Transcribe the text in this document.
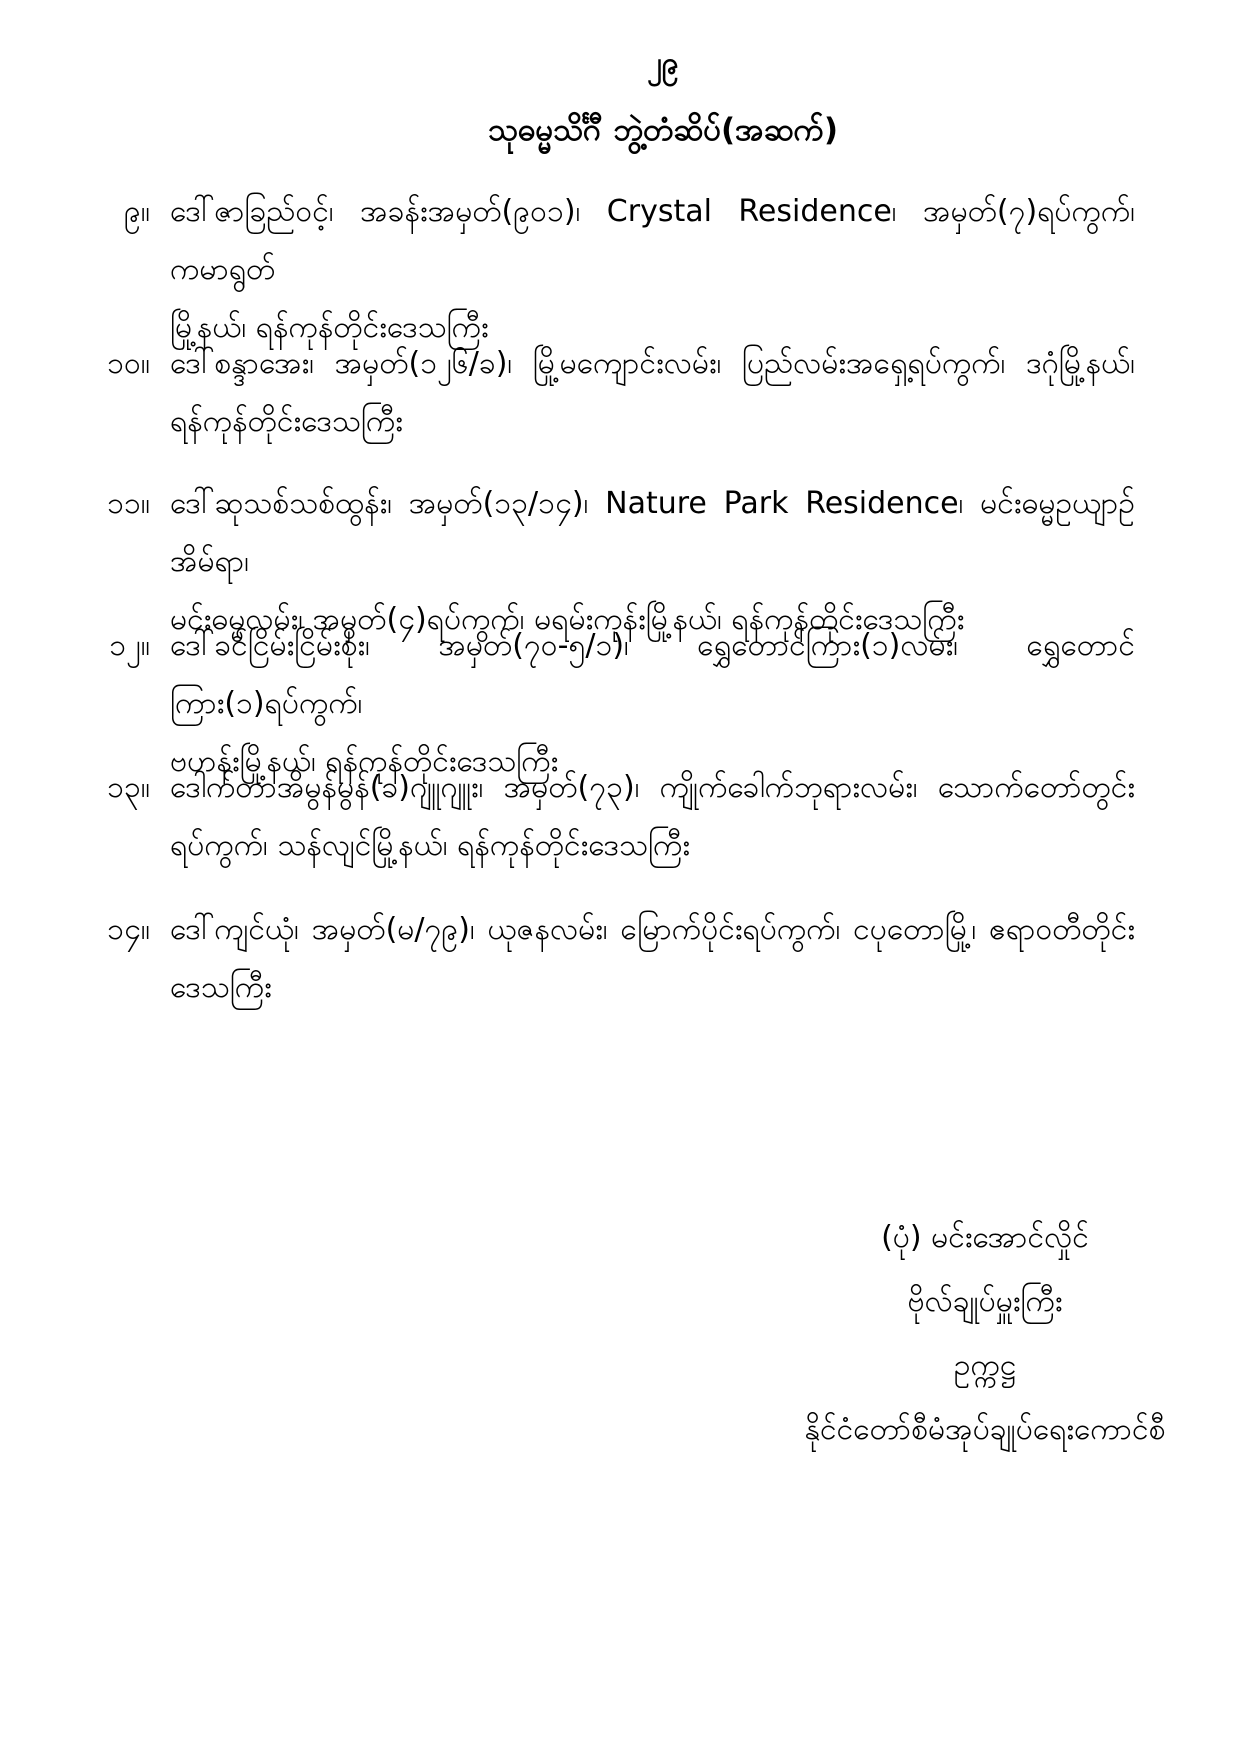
၂၉
သုဓမ္မသိင်္ဂီ ဘွဲ့တံဆိပ်(အဆက်)
၉။ ဒေါ်ဇာခြည်ဝင့်၊ အခန်းအမှတ်(၉၀၁)၊ Crystal Residence၊ အမှတ်(၇)ရပ်ကွက်၊ ကမာရွတ်
မြို့နယ်၊ ရန်ကုန်တိုင်းဒေသကြီး
၁၀။ ဒေါ်စန္ဒာအေး၊ အမှတ်(၁၂၆/ခ)၊ မြို့မကျောင်းလမ်း၊ ပြည်လမ်းအရှေ့ရပ်ကွက်၊ ဒဂုံမြို့နယ်၊
ရန်ကုန်တိုင်းဒေသကြီး
၁၁။ ဒေါ်ဆုသစ်သစ်ထွန်း၊ အမှတ်(၁၃/၁၄)၊ Nature Park Residence၊ မင်းဓမ္မဥယျာဉ်အိမ်ရာ၊
မင်းဓမ္မလမ်း၊ အမှတ်(၄)ရပ်ကွက်၊ မရမ်းကုန်းမြို့နယ်၊ ရန်ကုန်တိုင်းဒေသကြီး
၁၂။ ဒေါ်ခင်ငြိမ်းငြိမ်းစိုး၊ အမှတ်(၇၀-၅/၁)၊ ရွှေတောင်ကြား(၁)လမ်း၊ ရွှေတောင်ကြား(၁)ရပ်ကွက်၊
ဗဟန်းမြို့နယ်၊ ရန်ကုန်တိုင်းဒေသကြီး
၁၃။ ဒေါက်တာအိမွန်မွန်(ခ)ဂျူဂျူး၊ အမှတ်(၇၃)၊ ကျိုက်ခေါက်ဘုရားလမ်း၊ သောက်တော်တွင်း
ရပ်ကွက်၊ သန်လျင်မြို့နယ်၊ ရန်ကုန်တိုင်းဒေသကြီး
၁၄။ ဒေါ်ကျင်ယုံ၊ အမှတ်(မ/၇၉)၊ ယုဇနလမ်း၊ မြောက်ပိုင်းရပ်ကွက်၊ ငပုတောမြို့၊ ဧရာဝတီတိုင်း
ဒေသကြီး
(ပုံ) မင်းအောင်လှိုင်
ဗိုလ်ချုပ်မှူးကြီး
ဥက္ကဋ္ဌ
နိုင်ငံတော်စီမံအုပ်ချုပ်ရေးကောင်စီ
